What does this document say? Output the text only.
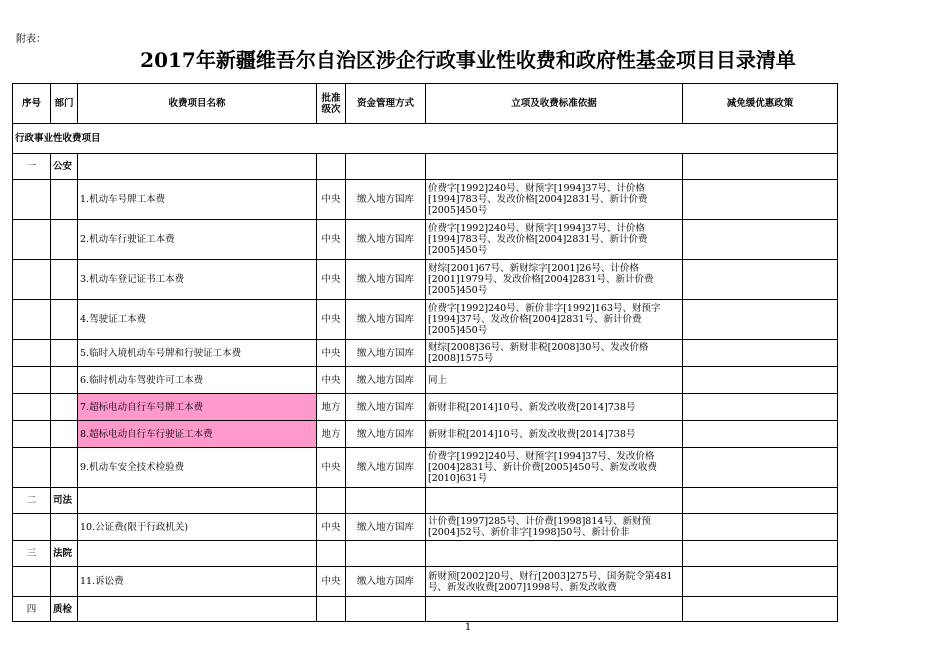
附表：
2017年新疆维吾尔自治区涉企行政事业性收费和政府性基金项目目录清单
序号	部门	收费项目名称	批准级次	资金管理方式	立项及收费标准依据	减免缓优惠政策
行政事业性收费项目						
一	公安					
		1.机动车号牌工本费	中央	缴入地方国库	价费字[1992]240号、财预字[1994]37号、计价格[1994]783号、发改价格[2004]2831号、新计价费[2005]450号	
		2.机动车行驶证工本费	中央	缴入地方国库	价费字[1992]240号、财预字[1994]37号、计价格[1994]783号、发改价格[2004]2831号、新计价费[2005]450号	
		3.机动车登记证书工本费	中央	缴入地方国库	财综[2001]67号、新财综字[2001]26号、计价格[2001]1979号、发改价格[2004]2831号、新计价费[2005]450号	
		4.驾驶证工本费	中央	缴入地方国库	价费字[1992]240号、新价非字[1992]163号、财预字[1994]37号、发改价格[2004]2831号、新计价费[2005]450号	
		5.临时入境机动车号牌和行驶证工本费	中央	缴入地方国库	财综[2008]36号、新财非税[2008]30号、发改价格[2008]1575号	
		6.临时机动车驾驶许可工本费	中央	缴入地方国库	同上	
		7.超标电动自行车号牌工本费	地方	缴入地方国库	新财非税[2014]10号、新发改收费[2014]738号	
		8.超标电动自行车行驶证工本费	地方	缴入地方国库	新财非税[2014]10号、新发改收费[2014]738号	
		9.机动车安全技术检验费	中央	缴入地方国库	价费字[1992]240号、财预字[1994]37号、发改价格[2004]2831号、新计价费[2005]450号、新发改收费[2010]631号	
二	司法					
		10.公证费(限于行政机关)	中央	缴入地方国库	计价费[1997]285号、计价费[1998]814号、新财预[2004]52号、新价非字[1998]50号、新计价非	
三	法院					
		11.诉讼费	中央	缴入地方国库	新财预[2002]20号、财行[2003]275号、国务院令第481号、新发改收费[2007]1998号、新发改收费	
四	质检					
1
